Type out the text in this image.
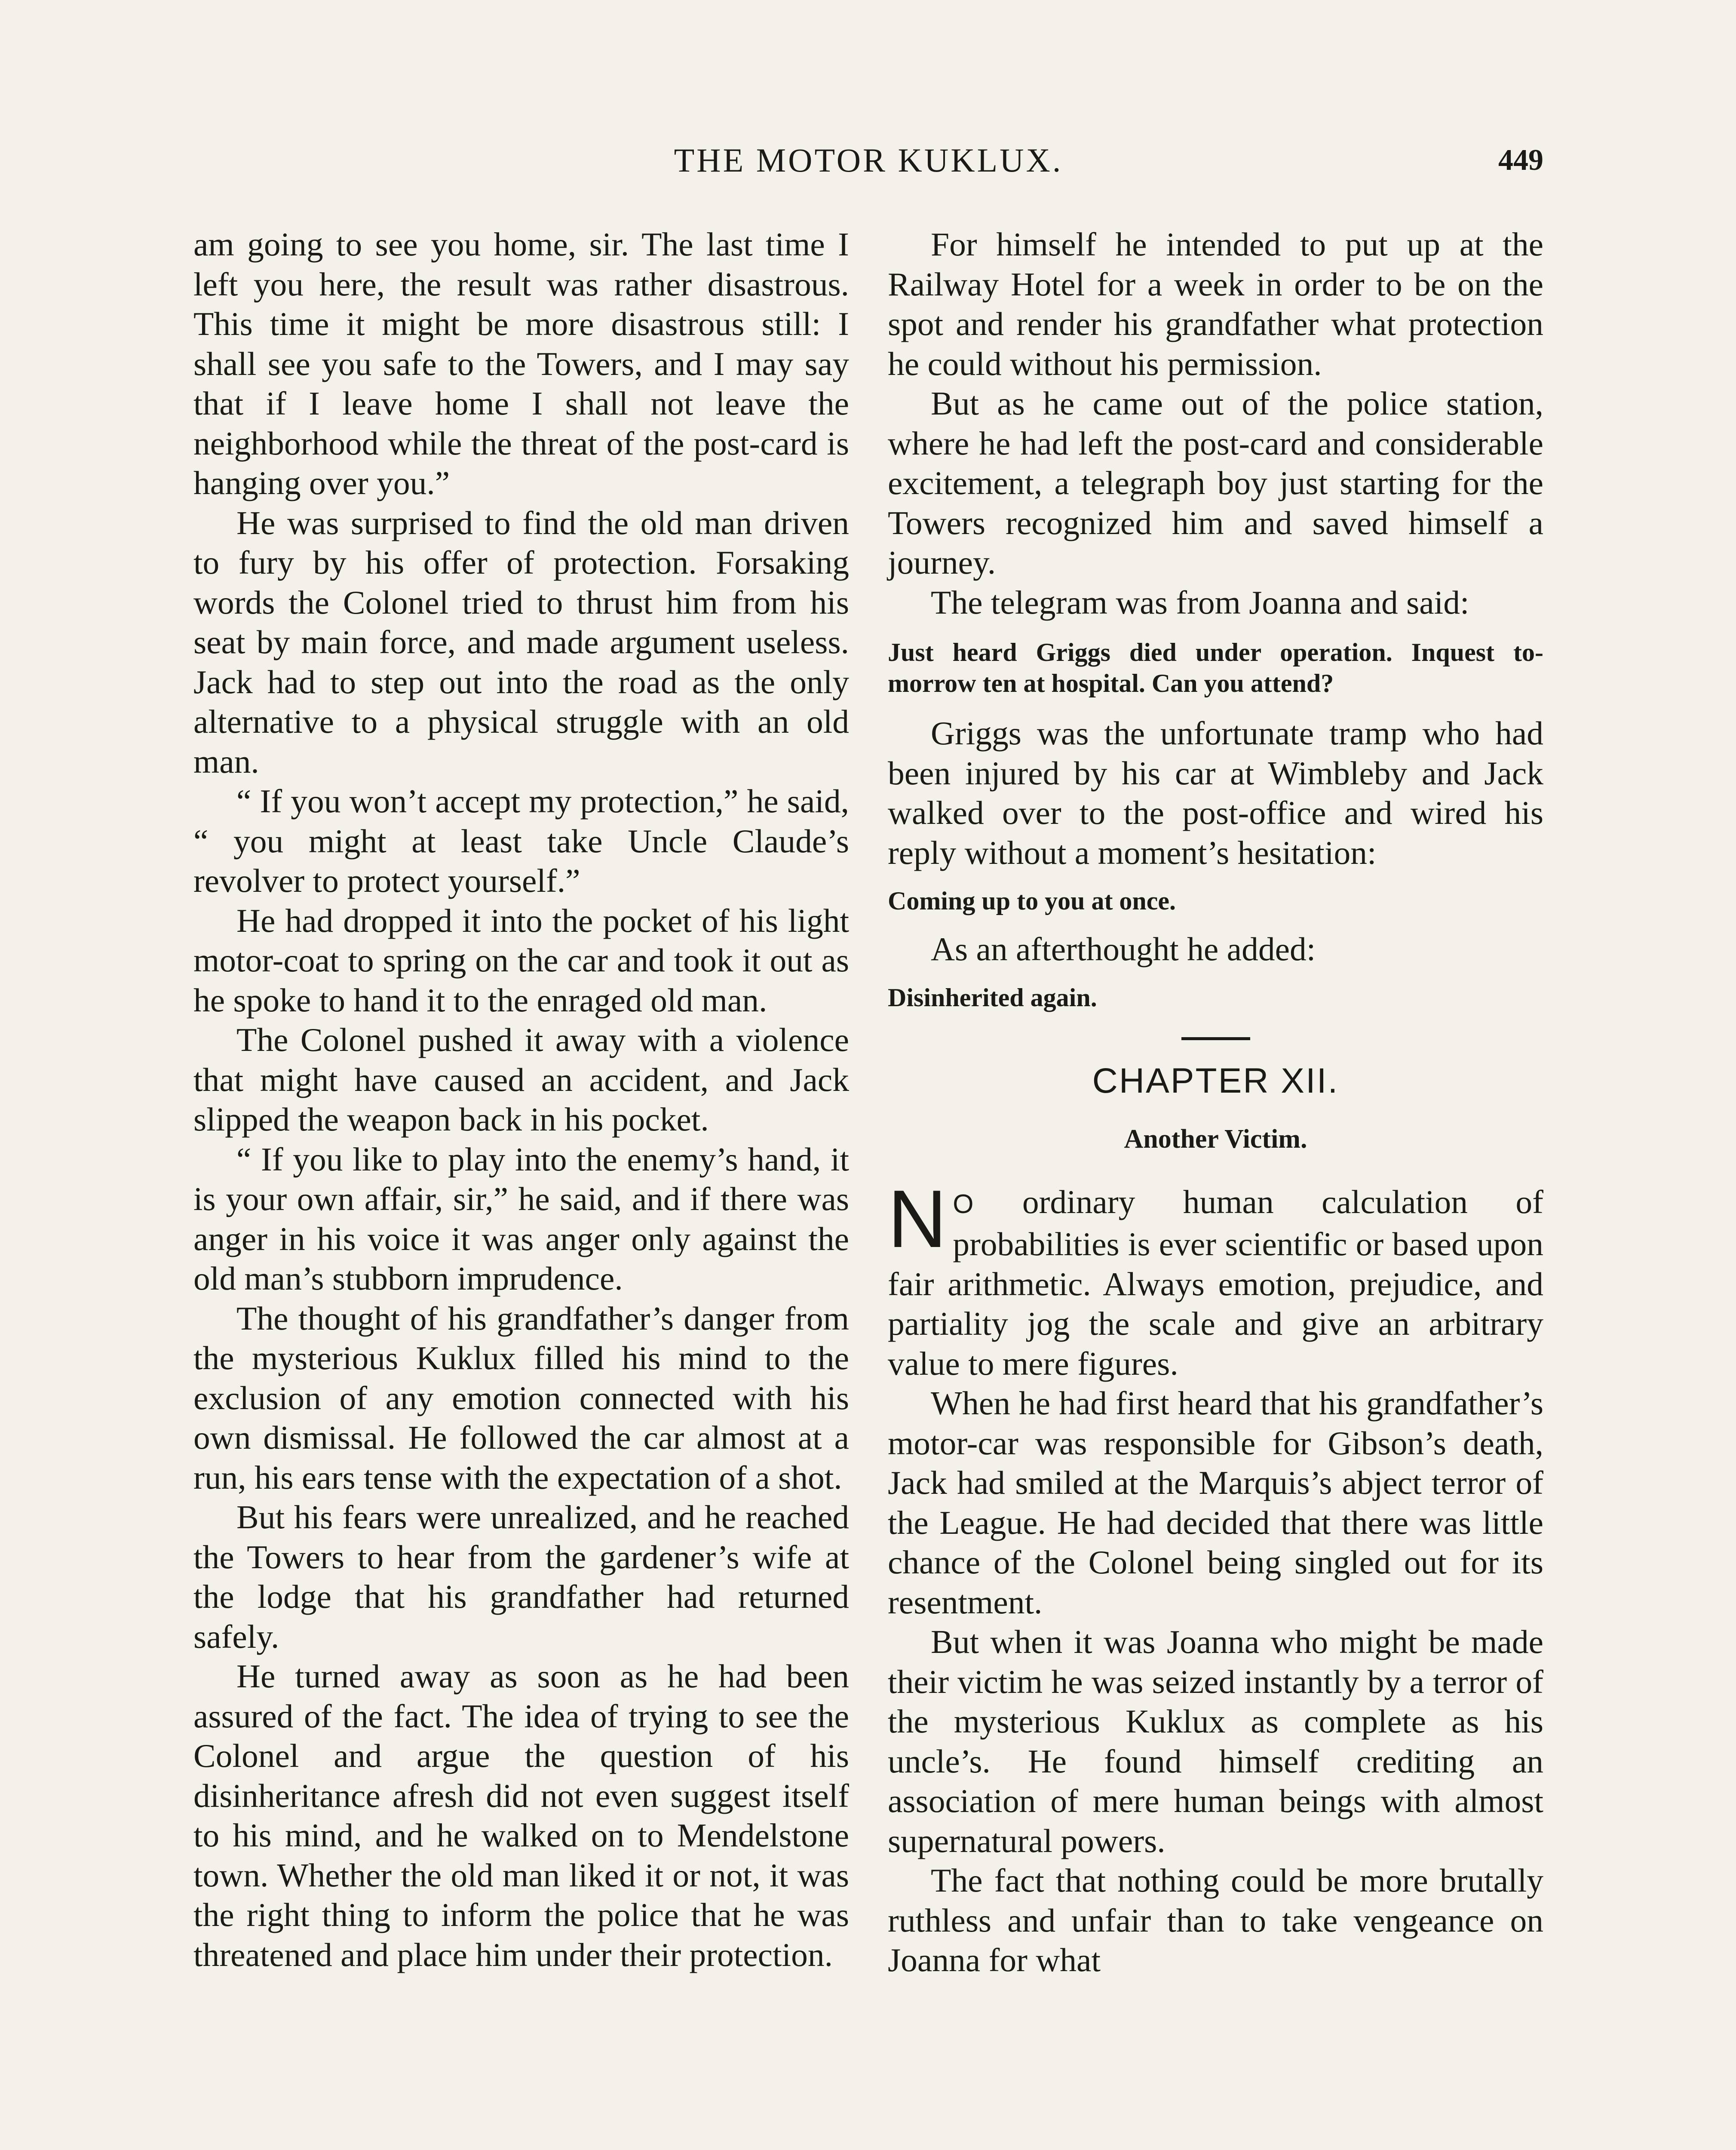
THE MOTOR KUKLUX.	449

am going to see you home, sir. The last time I left you here, the result was rather disastrous. This time it might be more disastrous still: I shall see you safe to the Towers, and I may say that if I leave home I shall not leave the neighborhood while the threat of the post-card is hanging over you.”

He was surprised to find the old man driven to fury by his offer of protection. Forsaking words the Colonel tried to thrust him from his seat by main force, and made argument useless. Jack had to step out into the road as the only alternative to a physical struggle with an old man.

“ If you won’t accept my protection,” he said, “ you might at least take Uncle Claude’s revolver to protect yourself.”

He had dropped it into the pocket of his light motor-coat to spring on the car and took it out as he spoke to hand it to the enraged old man.

The Colonel pushed it away with a violence that might have caused an accident, and Jack slipped the weapon back in his pocket.

“ If you like to play into the enemy’s hand, it is your own affair, sir,” he said, and if there was anger in his voice it was anger only against the old man’s stubborn imprudence.

The thought of his grandfather’s danger from the mysterious Kuklux filled his mind to the exclusion of any emotion connected with his own dismissal. He followed the car almost at a run, his ears tense with the expectation of a shot.

But his fears were unrealized, and he reached the Towers to hear from the gardener’s wife at the lodge that his grandfather had returned safely.

He turned away as soon as he had been assured of the fact. The idea of trying to see the Colonel and argue the question of his disinheritance afresh did not even suggest itself to his mind, and he walked on to Mendelstone town. Whether the old man liked it or not, it was the right thing to inform the police that he was threatened and place him under their protection.

For himself he intended to put up at the Railway Hotel for a week in order to be on the spot and render his grandfather what protection he could without his permission.

But as he came out of the police station, where he had left the post-card and considerable excitement, a telegraph boy just starting for the Towers recognized him and saved himself a journey.

The telegram was from Joanna and said:

Just heard Griggs died under operation. Inquest to-morrow ten at hospital. Can you attend?

Griggs was the unfortunate tramp who had been injured by his car at Wimbleby and Jack walked over to the post-office and wired his reply without a moment’s hesitation:

Coming up to you at once.

As an afterthought he added:

Disinherited again.
CHAPTER XII.
Another Victim.

N O ordinary human calculation of probabilities is ever scientific or based upon fair arithmetic. Always emotion, prejudice, and partiality jog the scale and give an arbitrary value to mere figures.

When he had first heard that his grandfather’s motor-car was responsible for Gibson’s death, Jack had smiled at the Marquis’s abject terror of the League. He had decided that there was little chance of the Colonel being singled out for its resentment.

But when it was Joanna who might be made their victim he was seized instantly by a terror of the mysterious Kuklux as complete as his uncle’s. He found himself crediting an association of mere human beings with almost supernatural powers.

The fact that nothing could be more brutally ruthless and unfair than to take vengeance on Joanna for what
